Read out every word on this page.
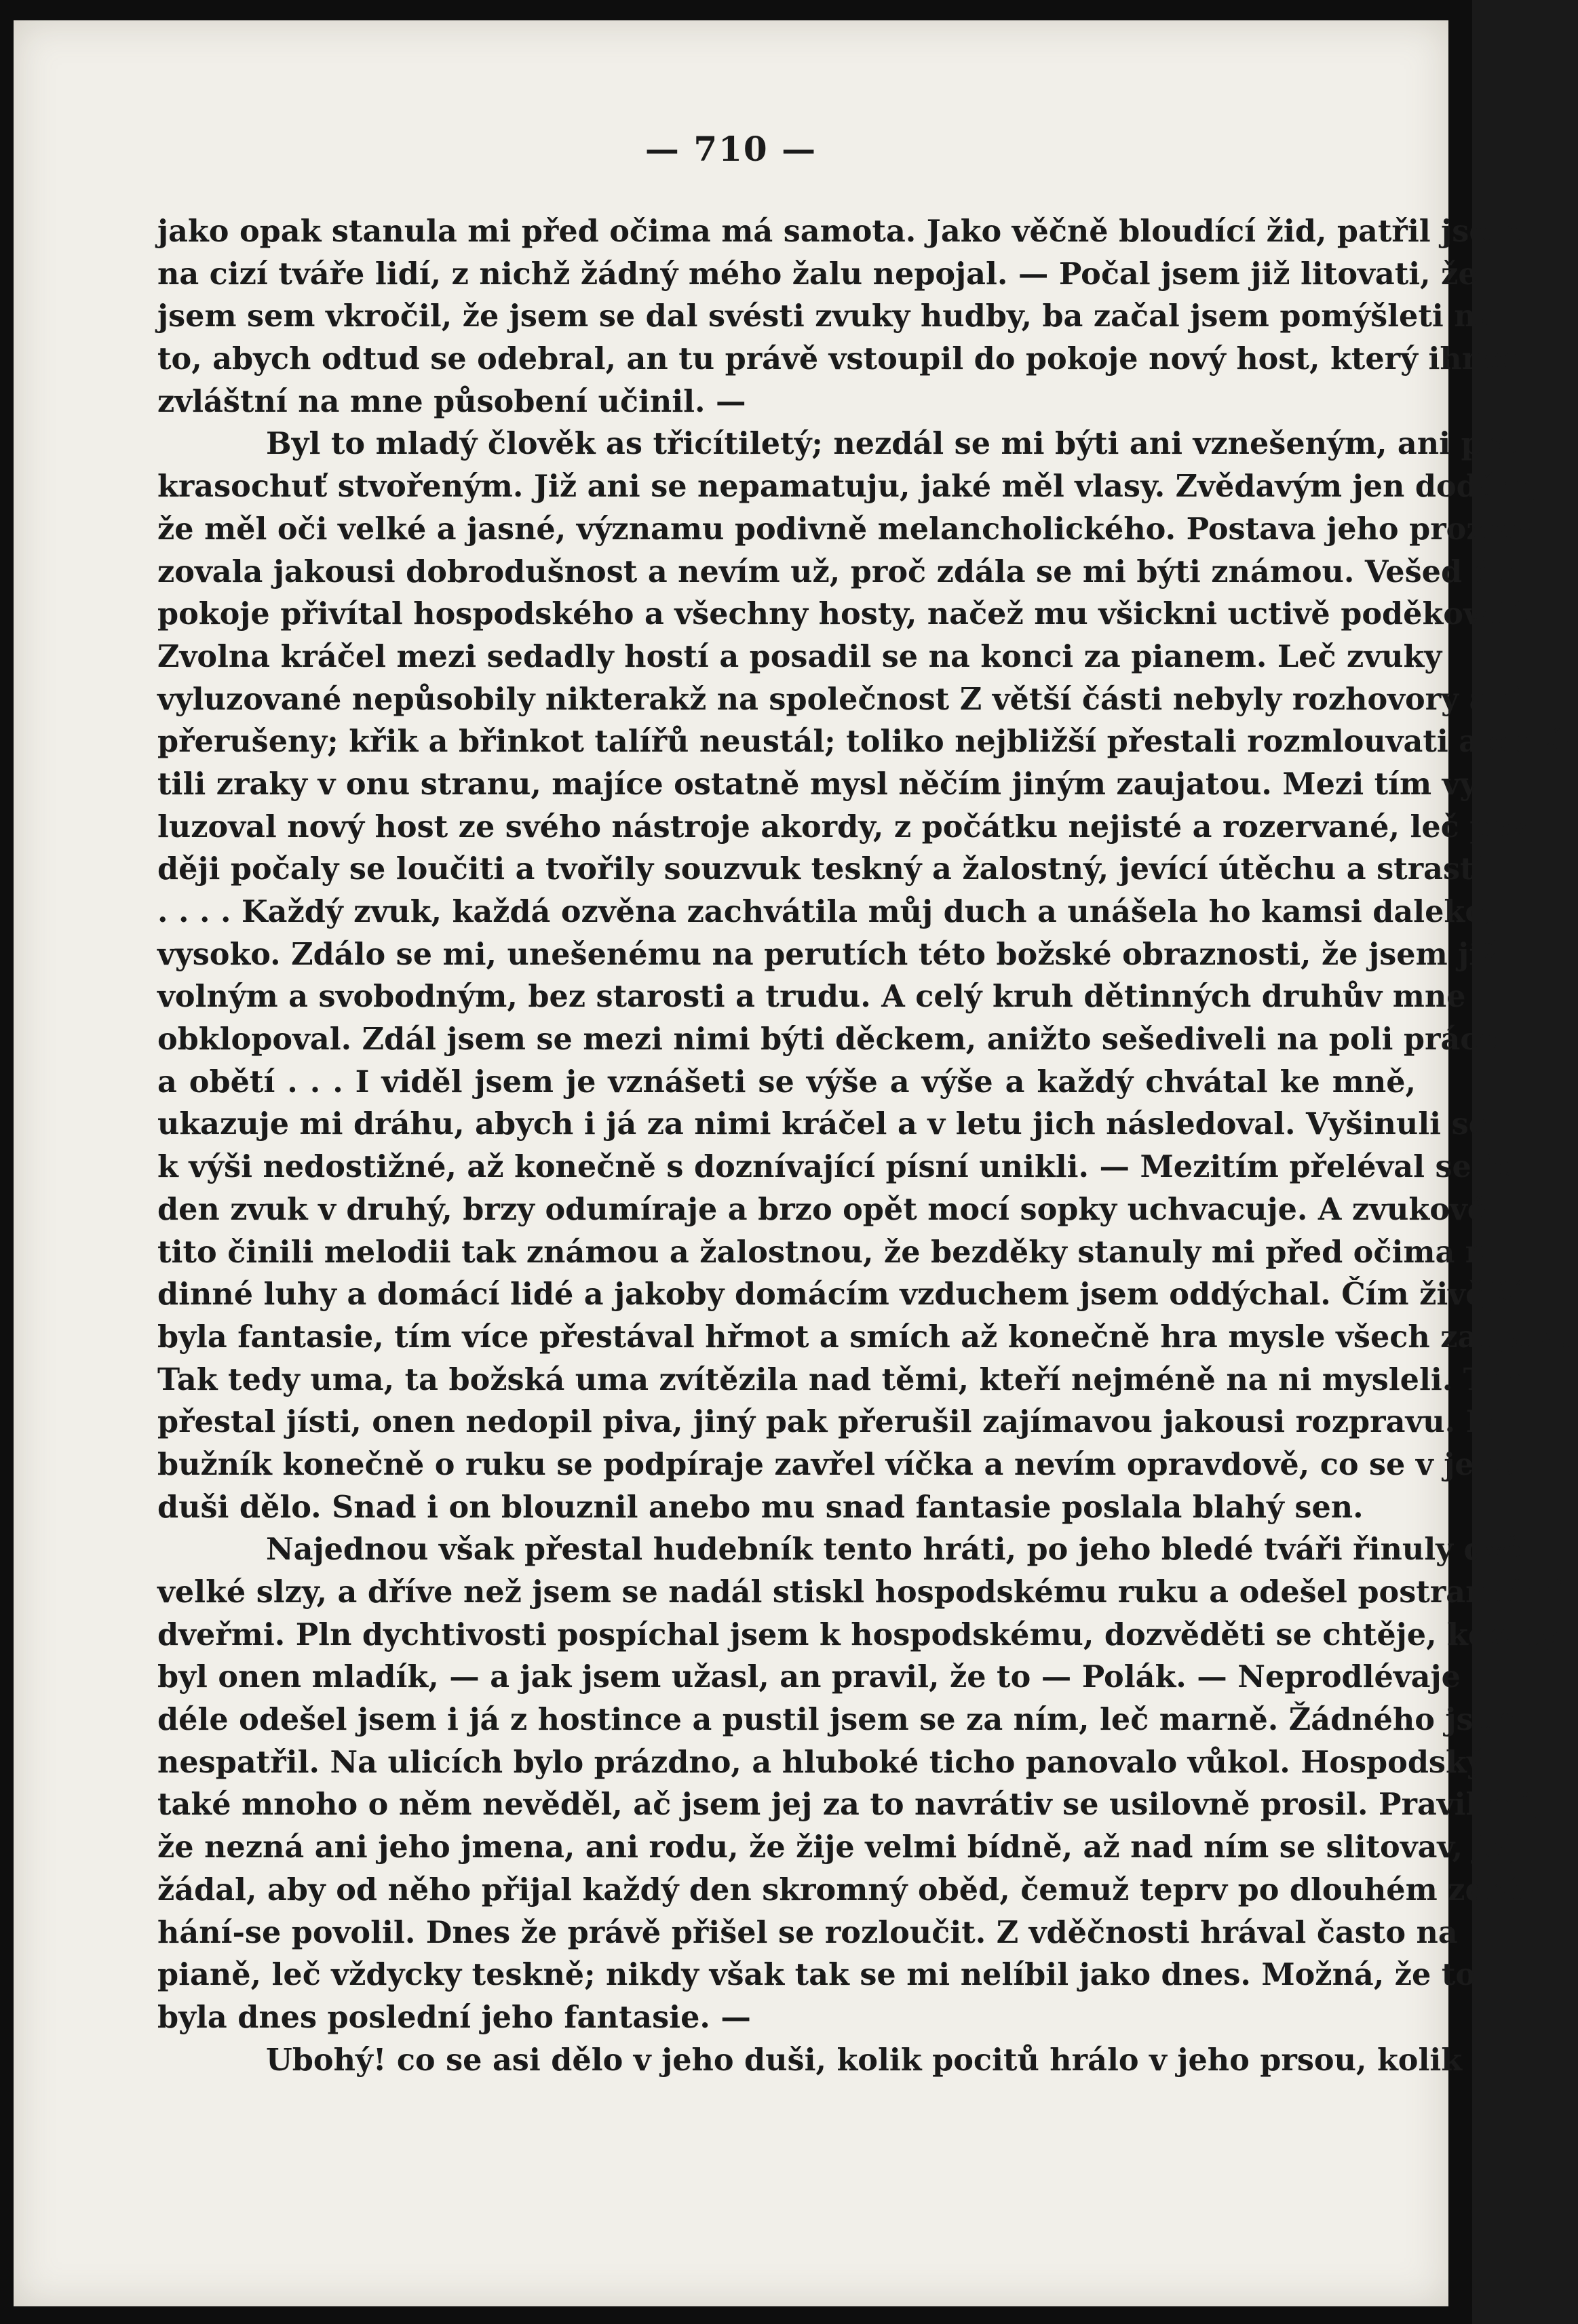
— 710 —
jako opak stanula mi před očima má samota. Jako věčně bloudící žid, patřil jsem
na cizí tváře lidí, z nichž žádný mého žalu nepojal. — Počal jsem již litovati, že
jsem sem vkročil, že jsem se dal svésti zvuky hudby, ba začal jsem pomýšleti na
to, abych odtud se odebral, an tu právě vstoupil do pokoje nový host, který ihned
zvláštní na mne působení učinil. —
Byl to mladý člověk as třicítiletý; nezdál se mi býti ani vznešeným, ani pro
krasochuť stvořeným. Již ani se nepamatuju, jaké měl vlasy. Zvědavým jen dodám,
že měl oči velké a jasné, významu podivně melancholického. Postava jeho prozra-
zovala jakousi dobrodušnost a nevím už, proč zdála se mi býti známou. Vešed do
pokoje přivítal hospodského a všechny hosty, načež mu všickni uctivě poděkovali.
Zvolna kráčel mezi sedadly hostí a posadil se na konci za pianem. Leč zvuky
vyluzované nepůsobily nikterakž na společnost Z větší části nebyly rozhovory ani
přerušeny; křik a břinkot talířů neustál; toliko nejbližší přestali rozmlouvati a obrá-
tili zraky v onu stranu, majíce ostatně mysl něčím jiným zaujatou. Mezi tím vy-
luzoval nový host ze svého nástroje akordy, z počátku nejisté a rozervané, leč poz-
ději počaly se loučiti a tvořily souzvuk teskný a žalostný, jevící útěchu a strasti
. . . . Každý zvuk, každá ozvěna zachvátila můj duch a unášela ho kamsi daleko,
vysoko. Zdálo se mi, unešenému na perutích této božské obraznosti, že jsem již
volným a svobodným, bez starosti a trudu. A celý kruh dětinných druhův mne
obklopoval. Zdál jsem se mezi nimi býti děckem, anižto sešediveli na poli práce
a obětí . . . I viděl jsem je vznášeti se výše a výše a každý chvátal ke mně,
ukazuje mi dráhu, abych i já za nimi kráčel a v letu jich následoval. Vyšinuli se
k výši nedostižné, až konečně s doznívající písní unikli. — Mezitím přeléval se je-
den zvuk v druhý, brzy odumíraje a brzo opět mocí sopky uchvacuje. A zvukové
tito činili melodii tak známou a žalostnou, že bezděky stanuly mi před očima ro-
dinné luhy a domácí lidé a jakoby domácím vzduchem jsem oddýchal. Čím živější
byla fantasie, tím více přestával hřmot a smích až konečně hra mysle všech zaujala.
Tak tedy uma, ta božská uma zvítězila nad těmi, kteří nejméně na ni mysleli. Ten
přestal jísti, onen nedopil piva, jiný pak přerušil zajímavou jakousi rozpravu. La-
bužník konečně o ruku se podpíraje zavřel víčka a nevím opravdově, co se v jeho
duši dělo. Snad i on blouznil anebo mu snad fantasie poslala blahý sen.
Najednou však přestal hudebník tento hráti, po jeho bledé tváři řinuly dvě
velké slzy, a dříve než jsem se nadál stiskl hospodskému ruku a odešel postranními
dveřmi. Pln dychtivosti pospíchal jsem k hospodskému, dozvěděti se chtěje, kdo by
byl onen mladík, — a jak jsem užasl, an pravil, že to — Polák. — Neprodlévaje
déle odešel jsem i já z hostince a pustil jsem se za ním, leč marně. Žádného jsem
nespatřil. Na ulicích bylo prázdno, a hluboké ticho panovalo vůkol. Hospodský
také mnoho o něm nevěděl, ač jsem jej za to navrátiv se usilovně prosil. Pravil mi,
že nezná ani jeho jmena, ani rodu, že žije velmi bídně, až nad ním se slitovav, jej
žádal, aby od něho přijal každý den skromný oběd, čemuž teprv po dlouhém zdrá-
hání-se povolil. Dnes že právě přišel se rozloučit. Z vděčnosti hrával často na
pianě, leč vždycky teskně; nikdy však tak se mi nelíbil jako dnes. Možná, že to
byla dnes poslední jeho fantasie. —
Ubohý! co se asi dělo v jeho duši, kolik pocitů hrálo v jeho prsou, kolik
